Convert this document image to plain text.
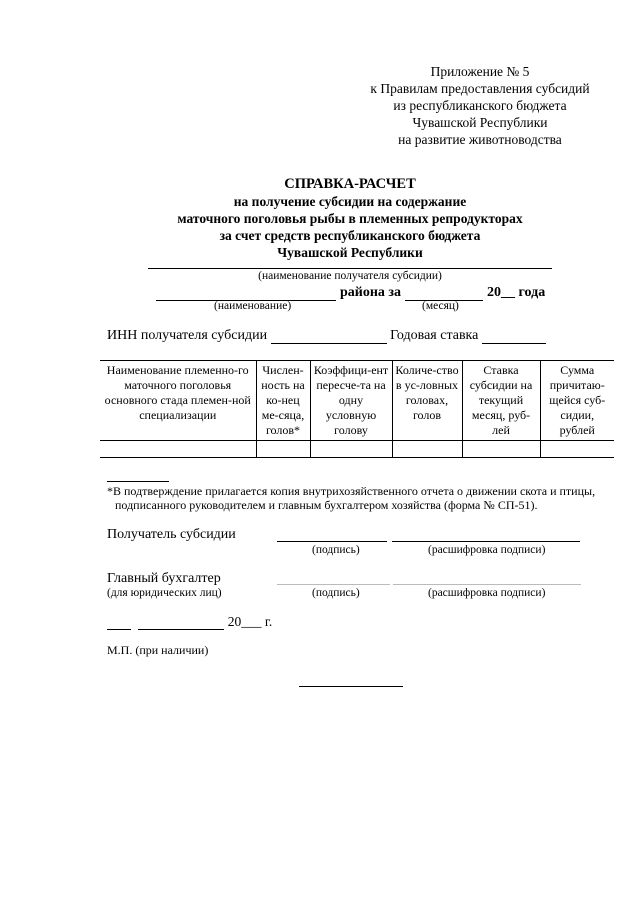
Приложение № 5
к Правилам предоставления субсидий
из республиканского бюджета
Чувашской Республики
на развитие животноводства
СПРАВКА-РАСЧЕТ
на получение субсидии на содержание
маточного поголовья рыбы в племенных репродукторах
за счет средств республиканского бюджета
Чувашской Республики
(наименование получателя субсидии)
района за	20__ года
(наименование)	(месяц)
ИНН получателя субсидии	Годовая ставка
Наименование племенно-го маточного поголовья основного стада племен-ной специализации	Числен-ность на ко-нец ме-сяца, голов*	Коэффици-ент пересче-та на одну условную голову	Количе-ство в ус-ловных головах, голов	Ставка субсидии на текущий месяц, руб-лей	Сумма причитаю-щейся суб-сидии, рублей

*В подтверждение прилагается копия внутрихозяйственного отчета о движении скота и птицы,
подписанного руководителем и главным бухгалтером хозяйства (форма № СП-51).
Получатель субсидии
(подпись)	(расшифровка подписи)
Главный бухгалтер
(для юридических лиц)	(подпись)	(расшифровка подписи)
20___ г.
М.П. (при наличии)
